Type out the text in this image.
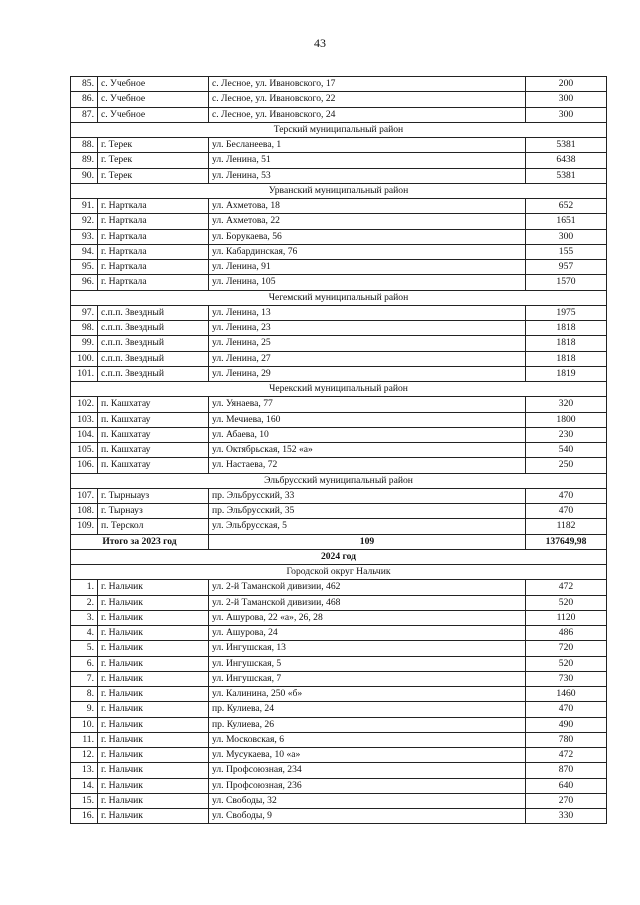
43
85.	с. Учебное	с. Лесное, ул. Ивановского, 17	200
86.	с. Учебное	с. Лесное, ул. Ивановского, 22	300
87.	с. Учебное	с. Лесное, ул. Ивановского, 24	300
Терский муниципальный район			
88.	г. Терек	ул. Бесланеева, 1	5381
89.	г. Терек	ул. Ленина, 51	6438
90.	г. Терек	ул. Ленина, 53	5381
Урванский муниципальный район			
91.	г. Нарткала	ул. Ахметова, 18	652
92.	г. Нарткала	ул. Ахметова, 22	1651
93.	г. Нарткала	ул. Борукаева, 56	300
94.	г. Нарткала	ул. Кабардинская, 76	155
95.	г. Нарткала	ул. Ленина, 91	957
96.	г. Нарткала	ул. Ленина, 105	1570
Чегемский муниципальный район			
97.	с.п.п. Звездный	ул. Ленина, 13	1975
98.	с.п.п. Звездный	ул. Ленина, 23	1818
99.	с.п.п. Звездный	ул. Ленина, 25	1818
100.	с.п.п. Звездный	ул. Ленина, 27	1818
101.	с.п.п. Звездный	ул. Ленина, 29	1819
Черекский муниципальный район			
102.	п. Кашхатау	ул. Уянаева, 77	320
103.	п. Кашхатау	ул. Мечиева, 160	1800
104.	п. Кашхатау	ул. Абаева, 10	230
105.	п. Кашхатау	ул. Октябрьская, 152 «а»	540
106.	п. Кашхатау	ул. Настаева, 72	250
Эльбрусский муниципальный район			
107.	г. Тырныауз	пр. Эльбрусский, 33	470
108.	г. Тырнауз	пр. Эльбрусский, 35	470
109.	п. Терскол	ул. Эльбрусская, 5	1182
Итого за 2023 год		109	137649,98
2024 год			
Городской округ Нальчик			
1.	г. Нальчик	ул. 2-й Таманской дивизии, 462	472
2.	г. Нальчик	ул. 2-й Таманской дивизии, 468	520
3.	г. Нальчик	ул. Ашурова, 22 «а», 26, 28	1120
4.	г. Нальчик	ул. Ашурова, 24	486
5.	г. Нальчик	ул. Ингушская, 13	720
6.	г. Нальчик	ул. Ингушская, 5	520
7.	г. Нальчик	ул. Ингушская, 7	730
8.	г. Нальчик	ул. Калинина, 250 «б»	1460
9.	г. Нальчик	пр. Кулиева, 24	470
10.	г. Нальчик	пр. Кулиева, 26	490
11.	г. Нальчик	ул. Московская, 6	780
12.	г. Нальчик	ул. Мусукаева, 10 «а»	472
13.	г. Нальчик	ул. Профсоюзная, 234	870
14.	г. Нальчик	ул. Профсоюзная, 236	640
15.	г. Нальчик	ул. Свободы, 32	270
16.	г. Нальчик	ул. Свободы, 9	330
